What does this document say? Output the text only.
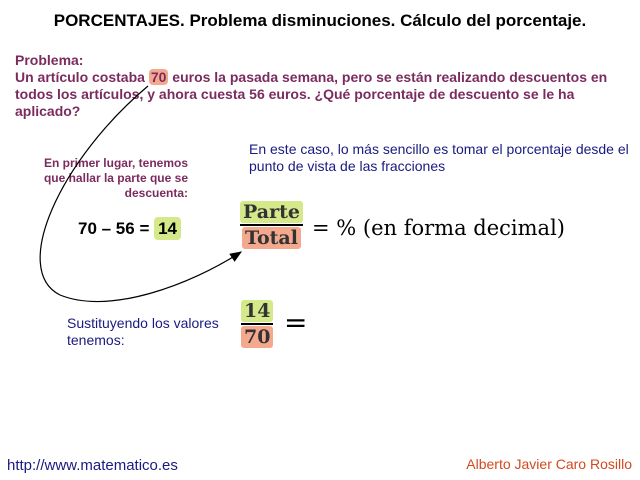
PORCENTAJES. Problema disminuciones. Cálculo del porcentaje.
Problema:
Un artículo costaba 70 euros la pasada semana, pero se están realizando descuentos en todos los artículos, y ahora cuesta 56 euros. ¿Qué porcentaje de descuento se le ha aplicado?
En primer lugar, tenemos que hallar la parte que se descuenta:
En este caso, lo más sencillo es tomar el porcentaje desde el punto de vista de las fracciones
70 – 56 = 14
Parte
Total = % (en forma decimal)
Sustituyendo los valores tenemos:
14
70 =
http://www.matematico.es	Alberto Javier Caro Rosillo
